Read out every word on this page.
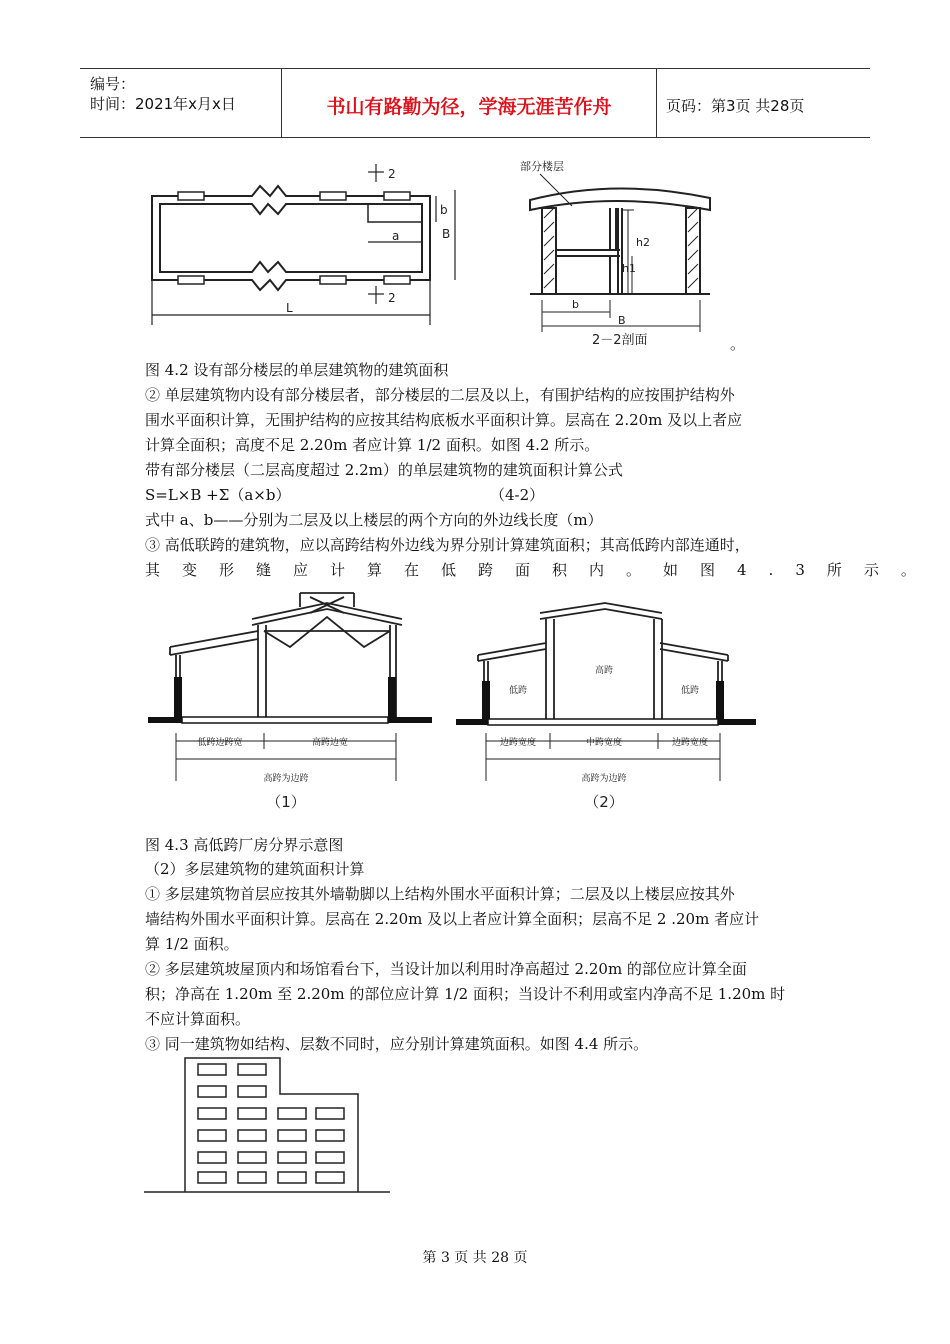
编号：
时间：2021年x月x日	书山有路勤为径，学海无涯苦作舟	页码：第3页 共28页
2
2
b
a	B
L
部分楼层
h2
h1
b
B
2－2剖面	。
图 4.2 设有部分楼层的单层建筑物的建筑面积
② 单层建筑物内设有部分楼层者，部分楼层的二层及以上，有围护结构的应按围护结构外
围水平面积计算，无围护结构的应按其结构底板水平面积计算。层高在 2.20m 及以上者应
计算全面积；高度不足 2.20m 者应计算 1/2 面积。如图 4.2 所示。
带有部分楼层（二层高度超过 2.2m）的单层建筑物的建筑面积计算公式
S=L×B +Σ（a×b）	（4-2）
式中 a、b——分别为二层及以上楼层的两个方向的外边线长度（m）
③ 高低联跨的建筑物，应以高跨结构外边线为界分别计算建筑面积；其高低跨内部连通时，
其变形缝应计算在低跨面积内。如图4.3所示。
低跨边跨宽	高跨边宽
高跨为边跨
（1）
低跨
高跨
低跨
边跨宽度	中跨宽度	边跨宽度
高跨为边跨
（2）
图 4.3 高低跨厂房分界示意图
（2）多层建筑物的建筑面积计算
① 多层建筑物首层应按其外墙勒脚以上结构外围水平面积计算；二层及以上楼层应按其外
墙结构外围水平面积计算。层高在 2.20m 及以上者应计算全面积；层高不足 2 .20m 者应计
算 1/2 面积。
② 多层建筑坡屋顶内和场馆看台下，当设计加以利用时净高超过 2.20m 的部位应计算全面
积；净高在 1.20m 至 2.20m 的部位应计算 1/2 面积；当设计不利用或室内净高不足 1.20m 时
不应计算面积。
③ 同一建筑物如结构、层数不同时，应分别计算建筑面积。如图 4.4 所示。
第 3 页 共 28 页
